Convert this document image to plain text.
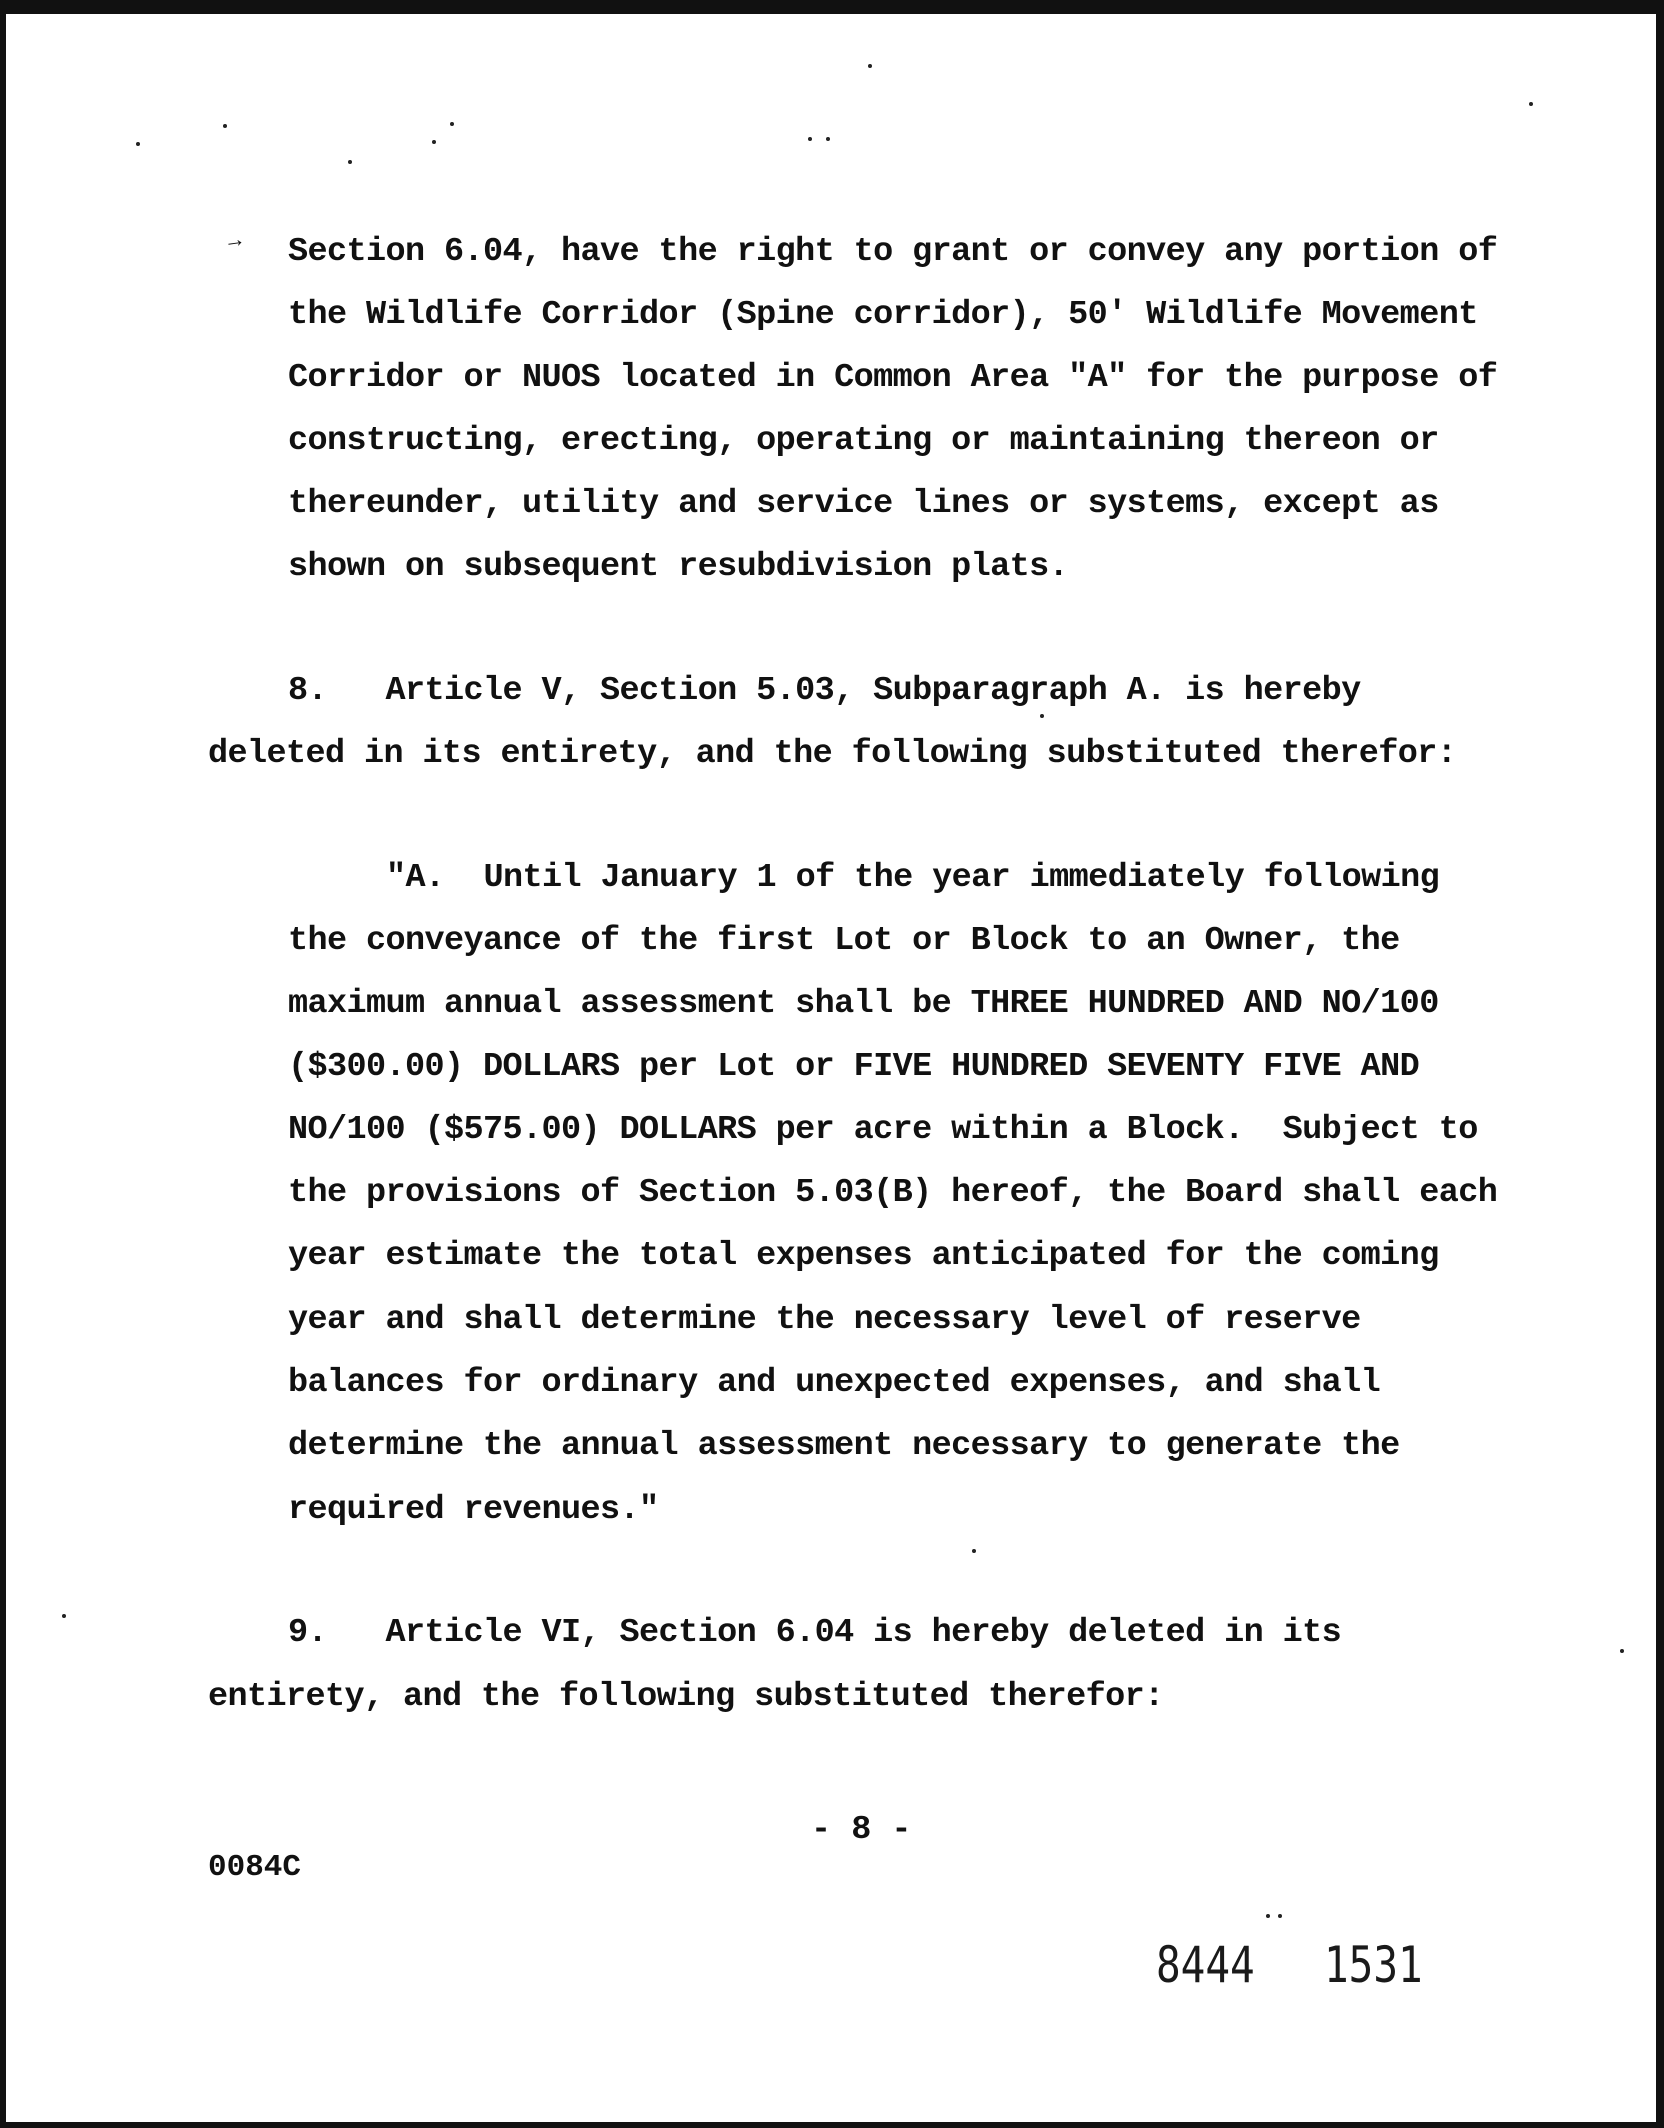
→ Section 6.04, have the right to grant or convey any portion of
the Wildlife Corridor (Spine corridor), 50' Wildlife Movement
Corridor or NUOS located in Common Area "A" for the purpose of
constructing, erecting, operating or maintaining thereon or
thereunder, utility and service lines or systems, except as
shown on subsequent resubdivision plats.
8.   Article V, Section 5.03, Subparagraph A. is hereby
deleted in its entirety, and the following substituted therefor:
"A.  Until January 1 of the year immediately following
the conveyance of the first Lot or Block to an Owner, the
maximum annual assessment shall be THREE HUNDRED AND NO/100
($300.00) DOLLARS per Lot or FIVE HUNDRED SEVENTY FIVE AND
NO/100 ($575.00) DOLLARS per acre within a Block.  Subject to
the provisions of Section 5.03(B) hereof, the Board shall each
year estimate the total expenses anticipated for the coming
year and shall determine the necessary level of reserve
balances for ordinary and unexpected expenses, and shall
determine the annual assessment necessary to generate the
required revenues."
9.   Article VI, Section 6.04 is hereby deleted in its
entirety, and the following substituted therefor:
- 8 -
0084C
8444 1531
